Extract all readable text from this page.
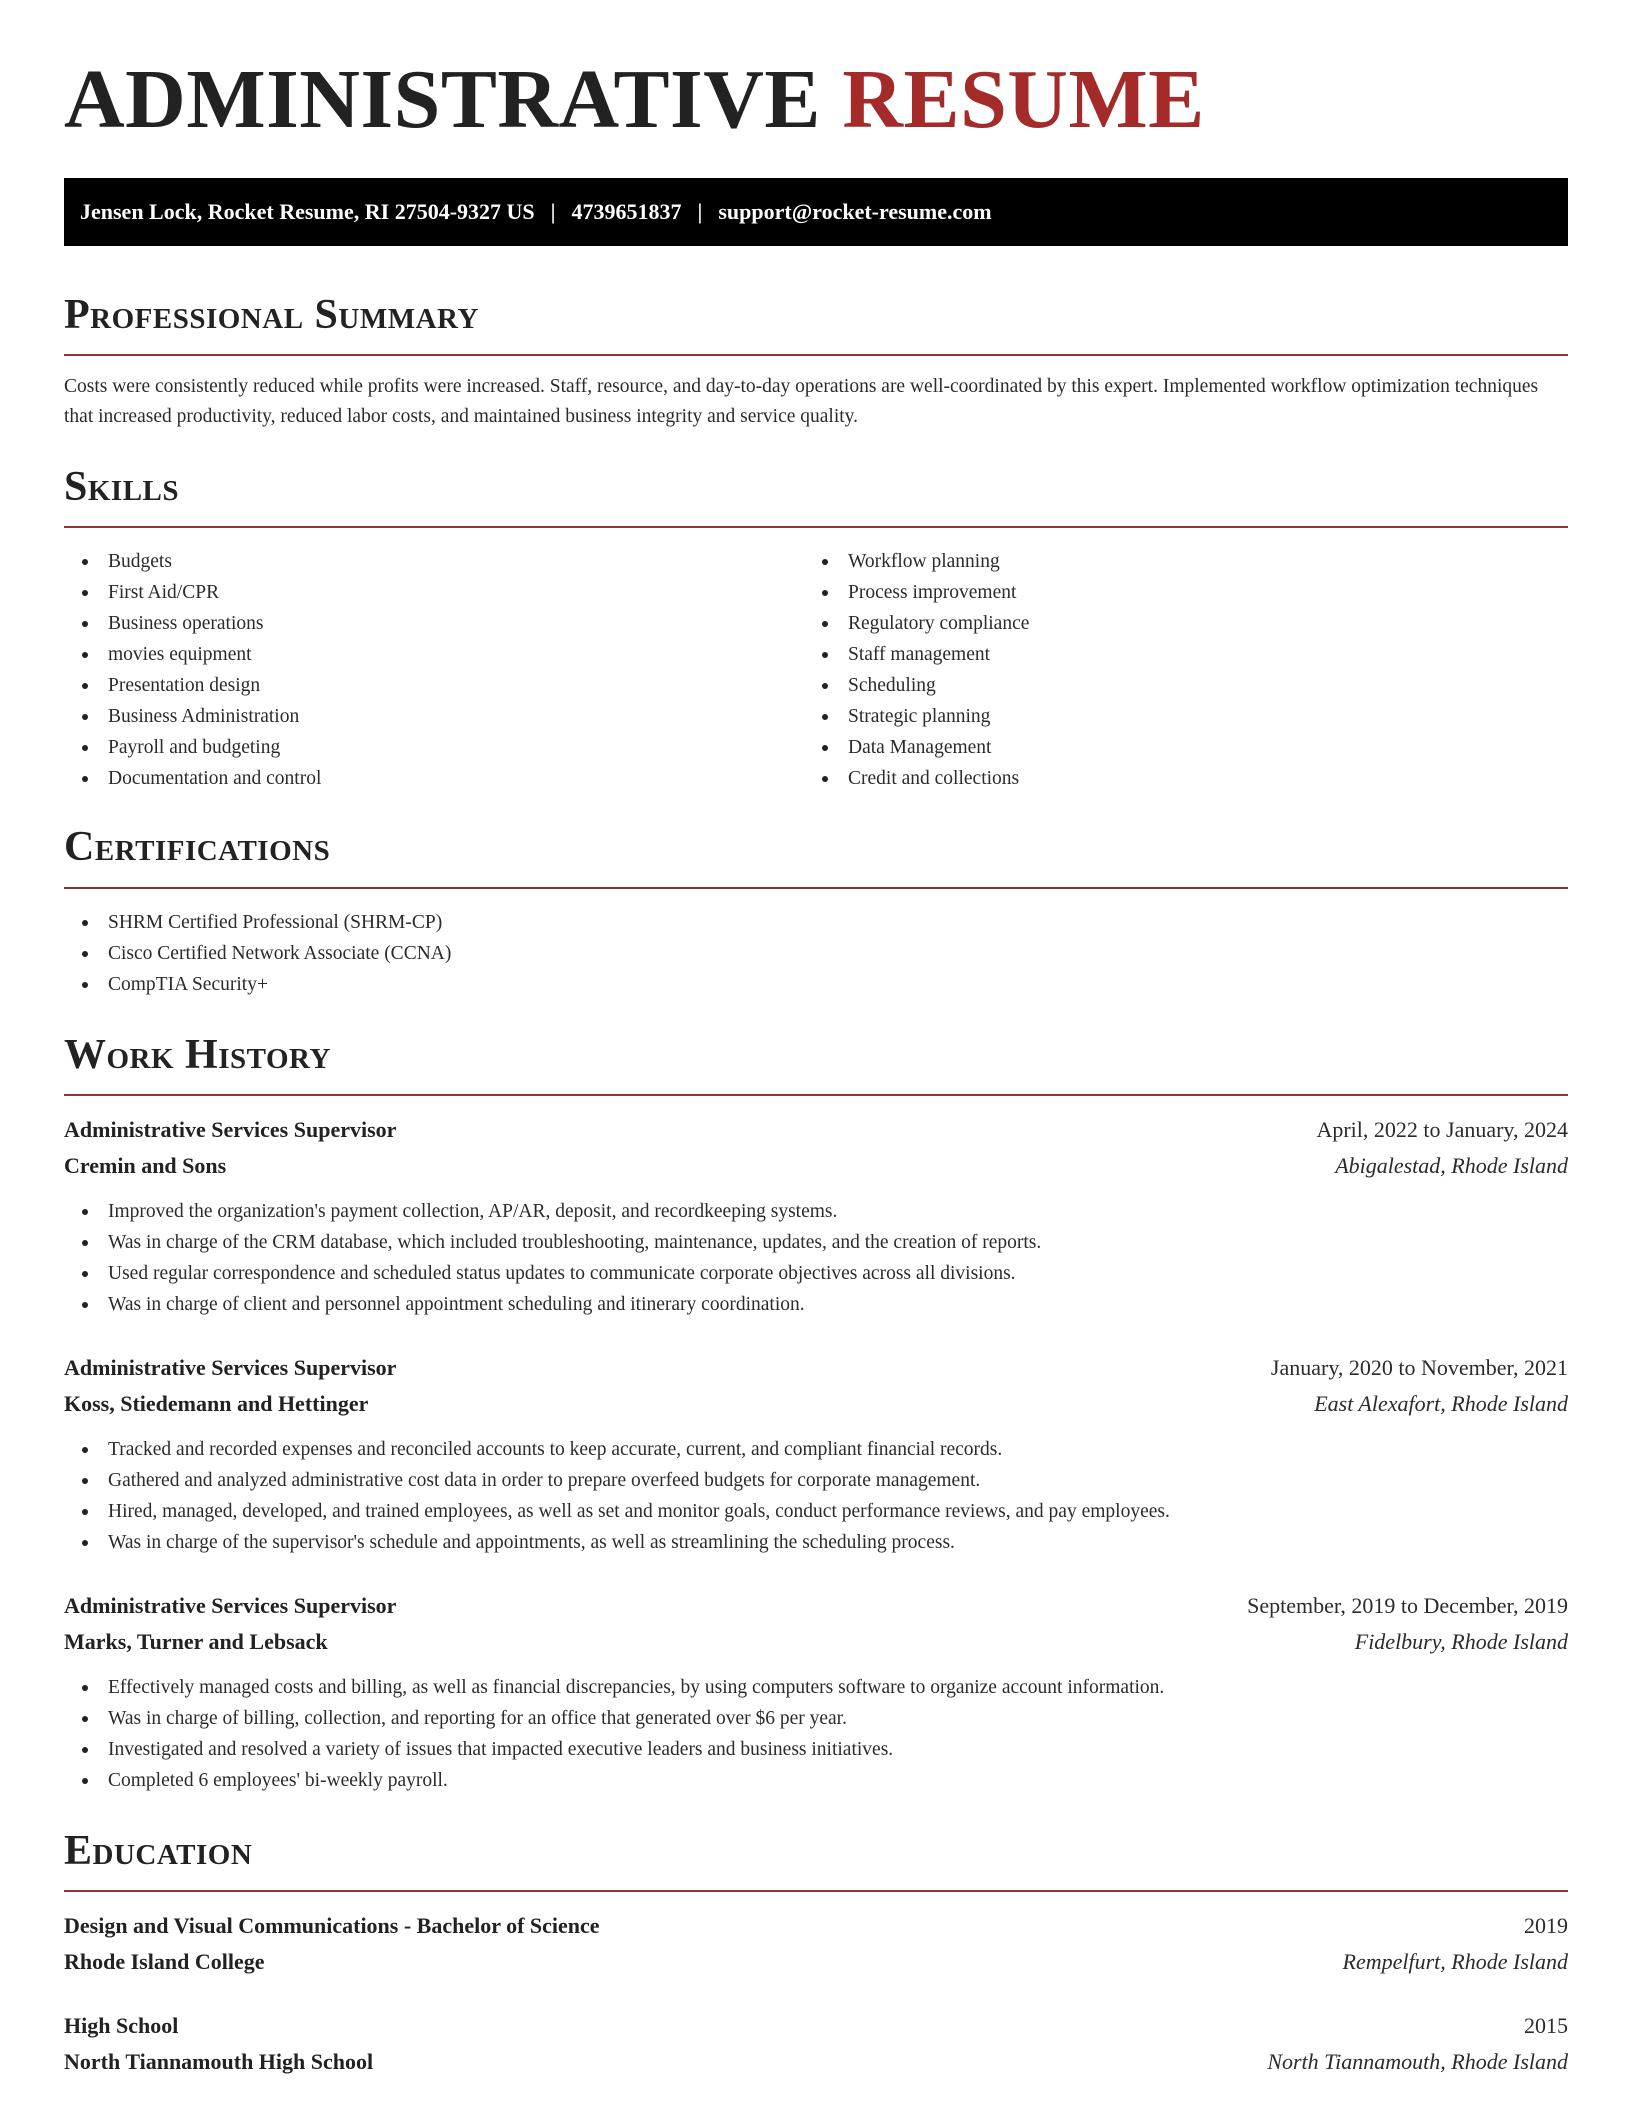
ADMINISTRATIVE RESUME
Jensen Lock, Rocket Resume, RI 27504-9327 US | 4739651837 | support@rocket-resume.com
Professional Summary

Costs were consistently reduced while profits were increased. Staff, resource, and day-to-day operations are well-coordinated by this expert. Implemented workflow optimization techniques that increased productivity, reduced labor costs, and maintained business integrity and service quality.

Skills
Budgets
First Aid/CPR
Business operations
movies equipment
Presentation design
Business Administration
Payroll and budgeting
Documentation and control
Workflow planning
Process improvement
Regulatory compliance
Staff management
Scheduling
Strategic planning
Data Management
Credit and collections
Certifications
SHRM Certified Professional (SHRM-CP)
Cisco Certified Network Associate (CCNA)
CompTIA Security+
Work History
Administrative Services Supervisor	April, 2022 to January, 2024
Cremin and Sons	Abigalestad, Rhode Island
Improved the organization's payment collection, AP/AR, deposit, and recordkeeping systems.
Was in charge of the CRM database, which included troubleshooting, maintenance, updates, and the creation of reports.
Used regular correspondence and scheduled status updates to communicate corporate objectives across all divisions.
Was in charge of client and personnel appointment scheduling and itinerary coordination.
Administrative Services Supervisor	January, 2020 to November, 2021
Koss, Stiedemann and Hettinger	East Alexafort, Rhode Island
Tracked and recorded expenses and reconciled accounts to keep accurate, current, and compliant financial records.
Gathered and analyzed administrative cost data in order to prepare overfeed budgets for corporate management.
Hired, managed, developed, and trained employees, as well as set and monitor goals, conduct performance reviews, and pay employees.
Was in charge of the supervisor's schedule and appointments, as well as streamlining the scheduling process.
Administrative Services Supervisor	September, 2019 to December, 2019
Marks, Turner and Lebsack	Fidelbury, Rhode Island
Effectively managed costs and billing, as well as financial discrepancies, by using computers software to organize account information.
Was in charge of billing, collection, and reporting for an office that generated over $6 per year.
Investigated and resolved a variety of issues that impacted executive leaders and business initiatives.
Completed 6 employees' bi-weekly payroll.
Education
Design and Visual Communications - Bachelor of Science	2019
Rhode Island College	Rempelfurt, Rhode Island
High School	2015
North Tiannamouth High School	North Tiannamouth, Rhode Island
